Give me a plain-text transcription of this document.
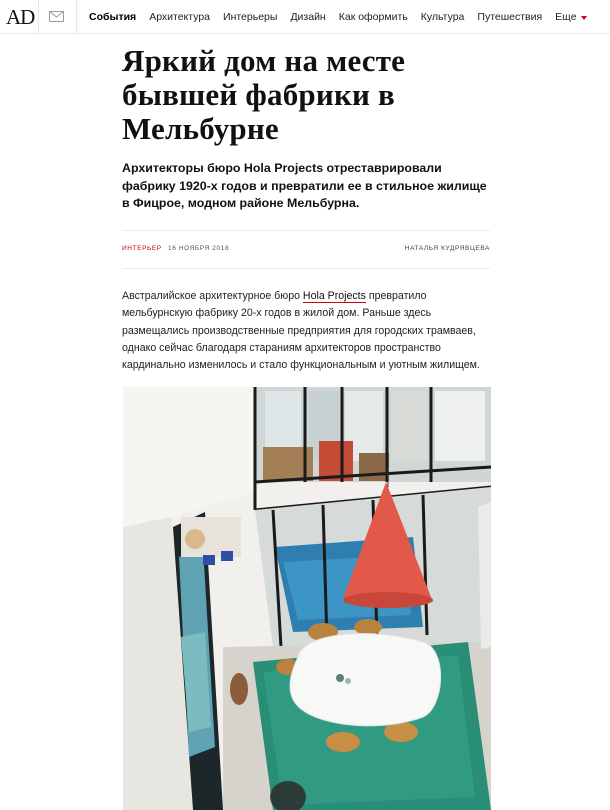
AD	События Архитектура Интерьеры Дизайн Как оформить Культура Путешествия Еще
Яркий дом на месте бывшей фабрики в Мельбурне

Архитекторы бюро Hola Projects отреставрировали фабрику 1920-х годов и превратили ее в стильное жилище в Фицрое, модном районе Мельбурна.

ИНТЕРЬЕР 16 НОЯБРЯ 2018	НАТАЛЬЯ КУДРЯВЦЕВА

Австралийское архитектурное бюро Hola Projects превратило мельбурнскую фабрику 20-х годов в жилой дом. Раньше здесь размещались производственные предприятия для городских трамваев, однако сейчас благодаря стараниям архитекторов пространство кардинально изменилось и стало функциональным и уютным жилищем.
